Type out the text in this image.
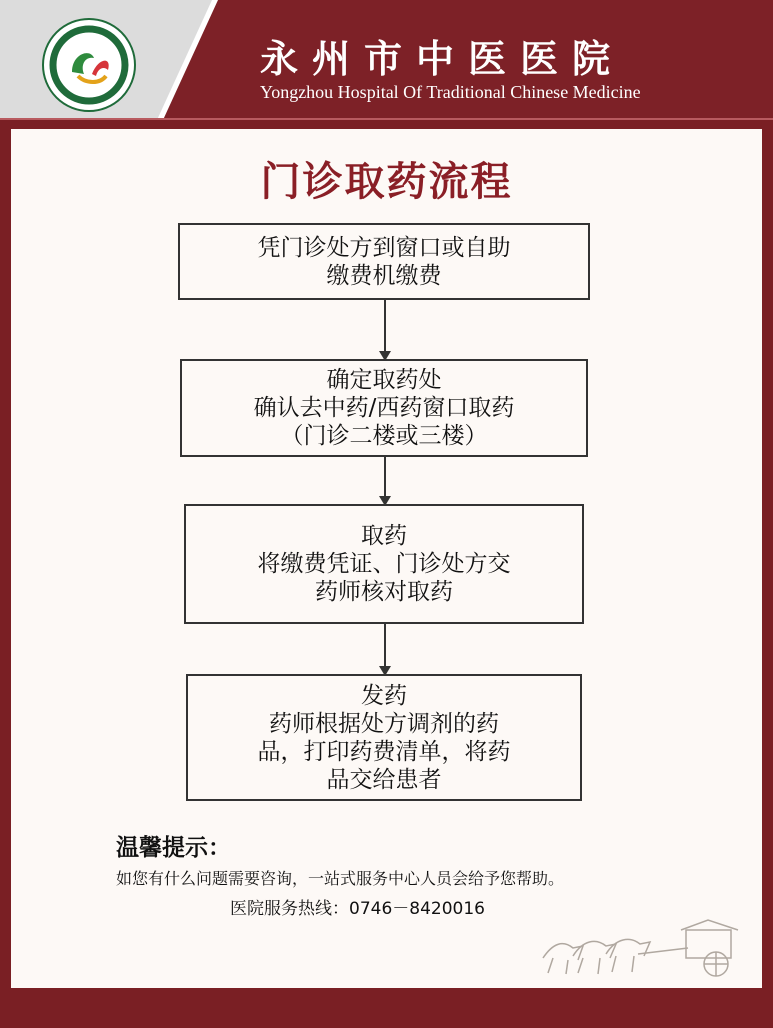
永州市中医医院
Yongzhou Hospital Of Traditional Chinese Medicine
门诊取药流程
凭门诊处方到窗口或自助
缴费机缴费
确定取药处
确认去中药/西药窗口取药
（门诊二楼或三楼）
取药
将缴费凭证、门诊处方交
药师核对取药
发药
药师根据处方调剂的药
品，打印药费清单，将药
品交给患者
温馨提示：
如您有什么问题需要咨询，一站式服务中心人员会给予您帮助。
医院服务热线：0746－8420016
